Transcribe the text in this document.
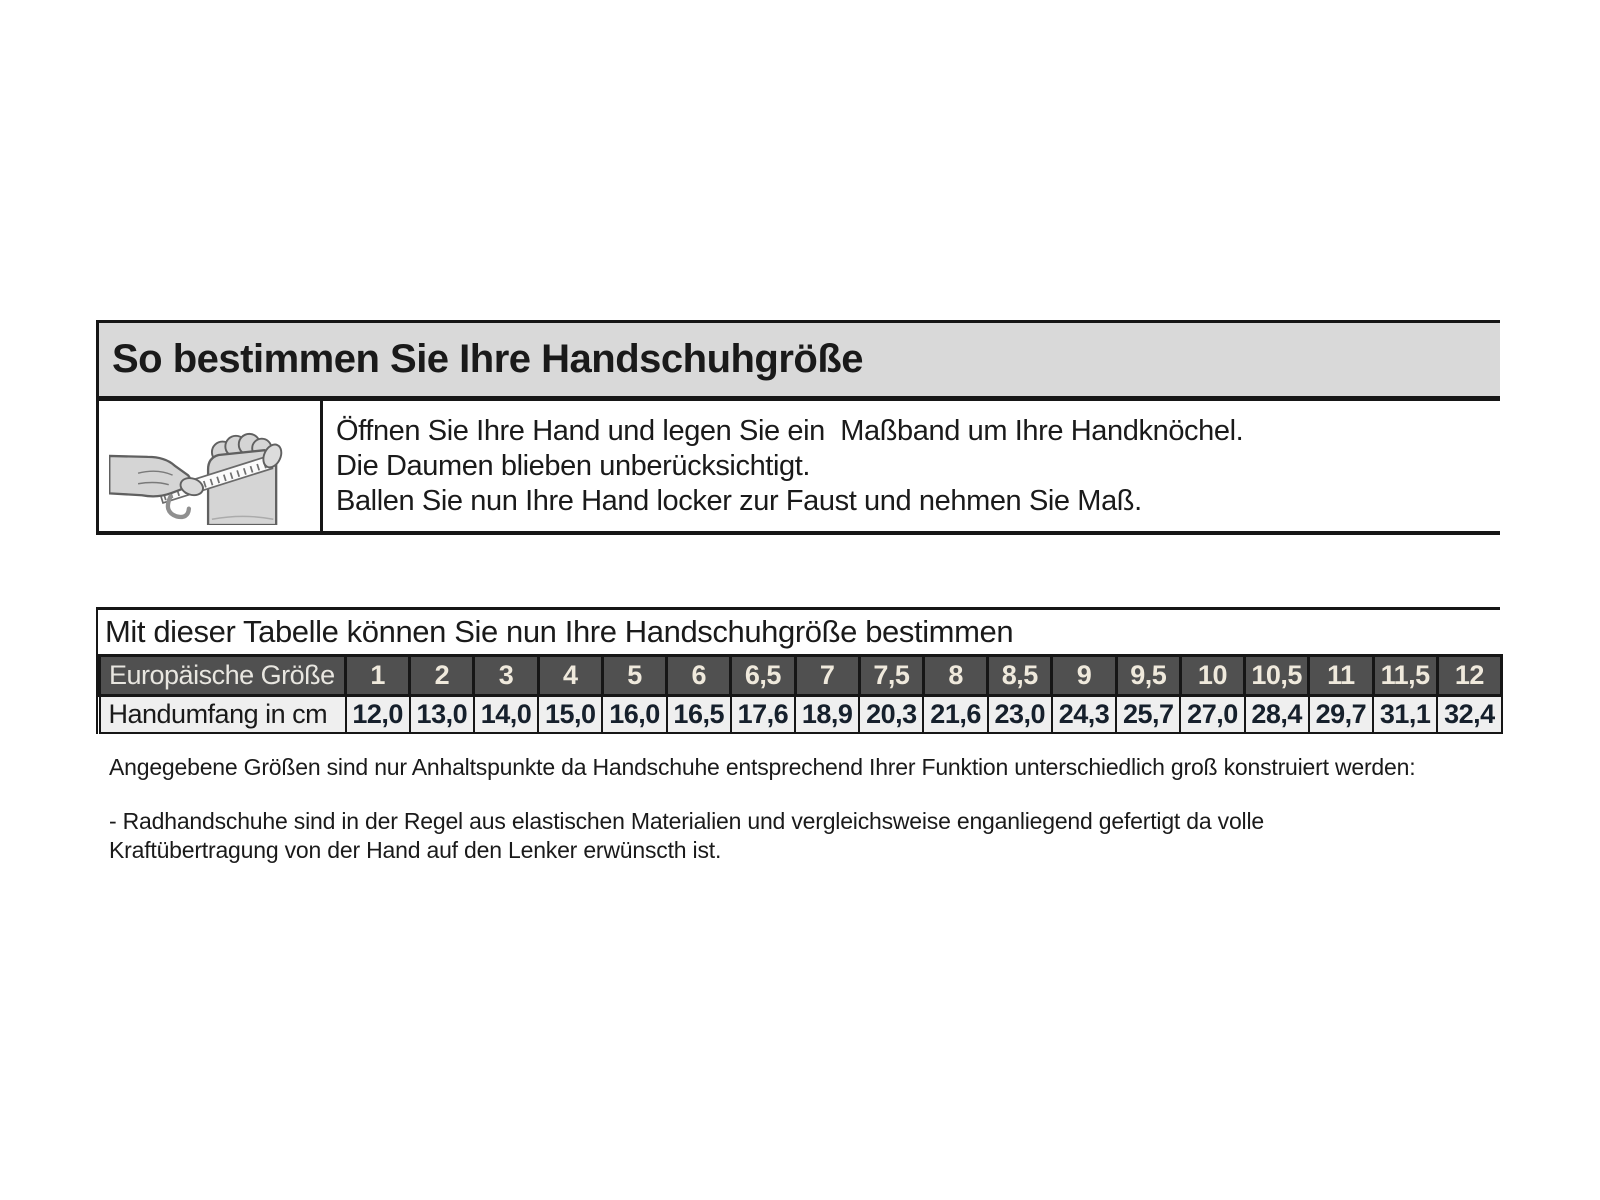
So bestimmen Sie Ihre Handschuhgröße
Öffnen Sie Ihre Hand und legen Sie ein  Maßband um Ihre Handknöchel.
Die Daumen blieben unberücksichtigt.
Ballen Sie nun Ihre Hand locker zur Faust und nehmen Sie Maß.
Mit dieser Tabelle können Sie nun Ihre Handschuhgröße bestimmen
Europäische Größe	1	2	3	4	5	6	6,5	7	7,5	8	8,5	9	9,5	10	10,5	11	11,5	12
Handumfang in cm	12,0	13,0	14,0	15,0	16,0	16,5	17,6	18,9	20,3	21,6	23,0	24,3	25,7	27,0	28,4	29,7	31,1	32,4

Angegebene Größen sind nur Anhaltspunkte da Handschuhe entsprechend Ihrer Funktion unterschiedlich groß konstruiert werden:

- Radhandschuhe sind in der Regel aus elastischen Materialien und vergleichsweise enganliegend gefertigt da volle Kraftübertragung von der Hand auf den Lenker erwünscth ist.
